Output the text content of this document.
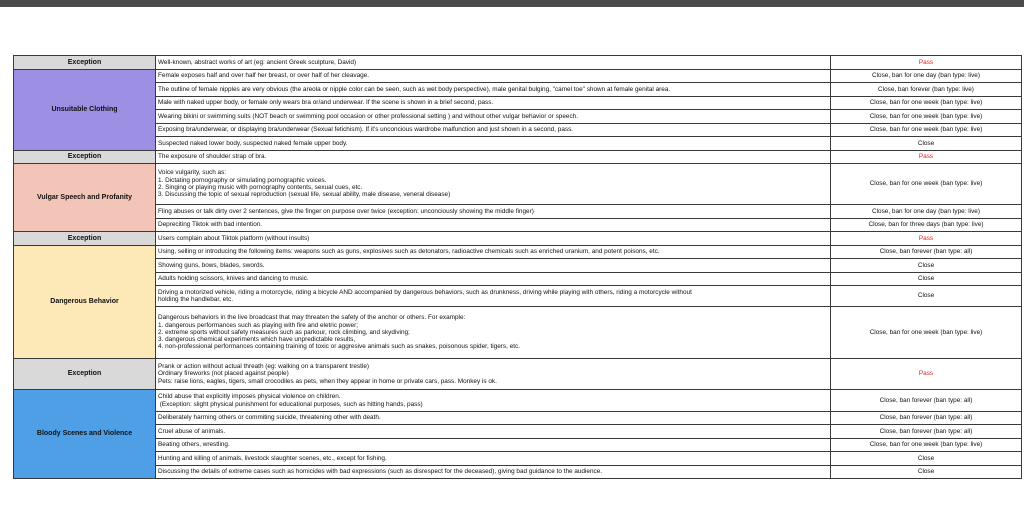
Exception	Well-known, abstract works of art (eg: ancient Greek sculpture, David)	Pass
Unsuitable Clothing	Female exposes half and over half her breast, or over half of her cleavage.	Close, ban for one day (ban type: live)
	The outline of female nipples are very obvious (the areola or nipple color can be seen, such as wet body perspective), male genital bulging, "camel toe" shown at female genital area.	Close, ban forever (ban type: live)
	Male with naked upper body, or female only wears bra or/and underwear. If the scene is shown in a brief second, pass.	Close, ban for one week (ban type: live)
	Wearing bikini or swimming suits (NOT beach or swimming pool occasion or other professional setting ) and without other vulgar behavior or speech.	Close, ban for one week (ban type: live)
	Exposing bra/underwear, or displaying bra/underwear (Sexual fetichism). If it's unconcious wardrobe malfunction and just shown in a second, pass.	Close, ban for one week (ban type: live)
	Suspected naked lower body, suspected naked female upper body.	Close
Exception	The exposure of shoulder strap of bra.	Pass
Vulgar Speech and Profanity	Voice vulgarity, such as:
1. Dictating pornography or simulating pornographic voices.
2. Singing or playing music with pornography contents, sexual cues, etc.
3. Discussing the topic of sexual reproduction (sexual life, sexual ability, male disease, veneral disease)	Close, ban for one week (ban type: live)
	Fling abuses or talk dirty over 2 sentences, give the finger on purpose over twice (exception: unconciously showing the middle finger)	Close, ban for one day (ban type: live)
	Depreciting Tiktok with bad intention.	Close, ban for three days (ban type: live)
Exception	Users complain about Tiktok platform (without insults)	Pass
Dangerous Behavior	Using, selling or introducing the following items: weapons such as guns, explosives such as detonators, radioactive chemicals such as enriched uranium, and potent poisons, etc.	Close, ban forever (ban type: all)
	Showing guns, bows, blades, swords.	Close
	Adults holding scissors, knives and dancing to music.	Close

	Driving a motorized vehicle, riding a motorcycle, riding a bicycle AND accompanied by dangerous behaviors, such as drunkness, driving while playing with others, riding a motorcycle without
holding the handlebar, etc.	Close

	Dangerous behaviors in the live broadcast that may threaten the safety of the anchor or others. For example:
1. dangerous performances such as playing with fire and eletric power;
2. extreme sports without safety measures such as parkour, rock climbing, and skydiving;
3. dangerous chemical experiments which have unpredictable results,
4. non-professional performances containing training of toxic or aggresive animals such as snakes, poisonous spider, tigers, etc.	Close, ban for one week (ban type: live)
Exception	Prank or action without actual threath (eg: walking on a transparent trestle)
Ordinary fireworks (not placed against people)
Pets: raise lions, eagles, tigers, small crocodiles as pets, when they appear in home or private cars, pass. Monkey is ok.	Pass
Bloody Scenes and Violence	Child abuse that explicitly imposes physical violence on children.
(Exception: slight physical punishment for educational purposes, such as hitting hands, pass)	Close, ban forever (ban type: all)
	Deliberately harming others or commiting suicide, threatening other with death.	Close, ban forever (ban type: all)
	Cruel abuse of animals.	Close, ban forever (ban type: all)
	Beating others, wrestling.	Close, ban for one week (ban type: live)
	Hunting and killing of animals, livestock slaughter scenes, etc., except for fishing.	Close
	Discussing the details of extreme cases such as homicides with bad expressions (such as disrespect for the deceased), giving bad guidance to the audience.	Close
